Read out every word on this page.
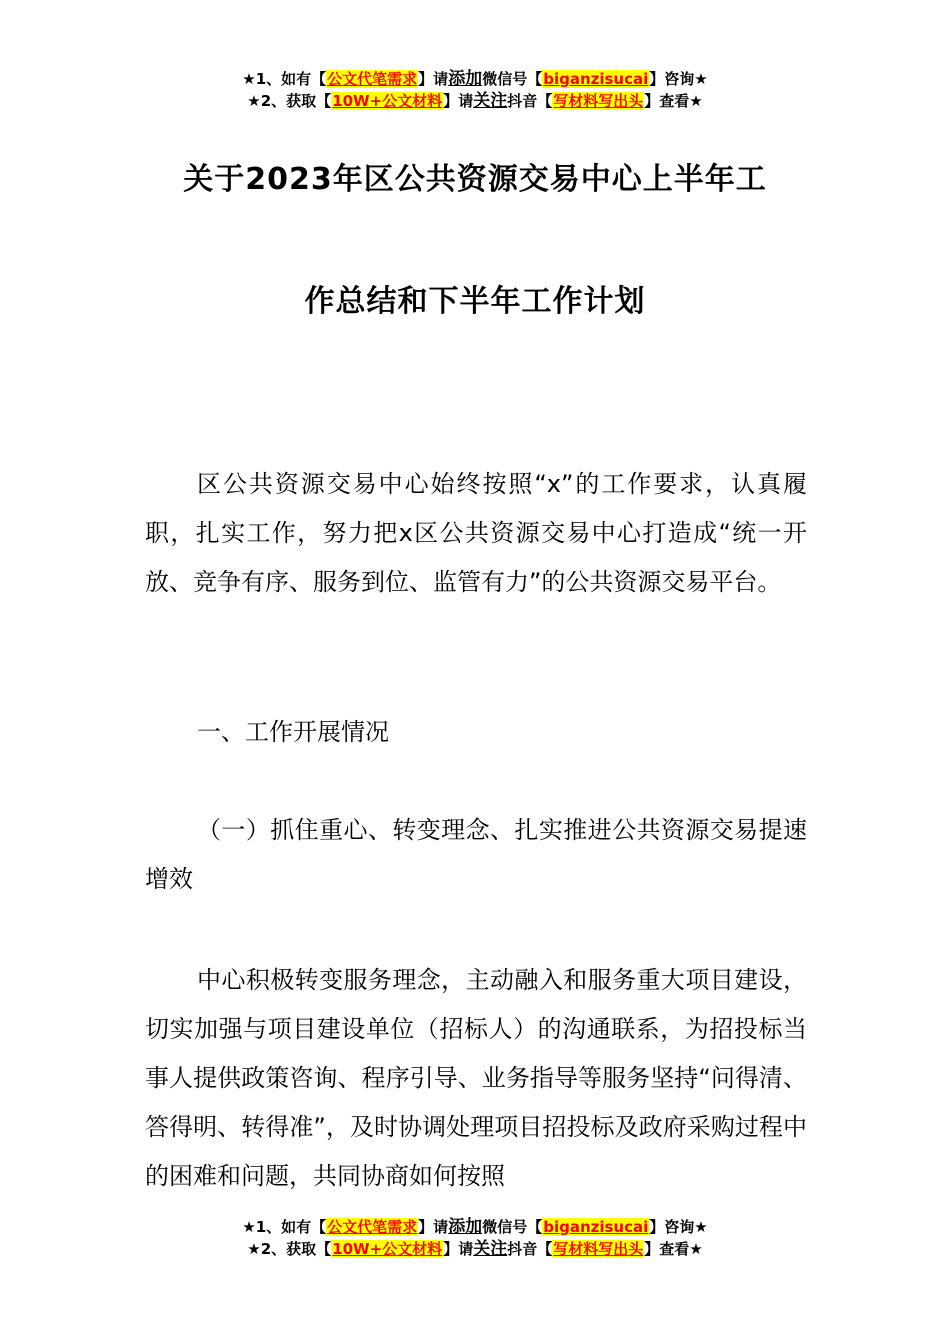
★1、如有【公文代笔需求】请添加微信号【biganzisucai】咨询★
★2、获取【10W+公文材料】请关注抖音【写材料写出头】查看★
关于2023年区公共资源交易中心上半年工
作总结和下半年工作计划
区公共资源交易中心始终按照“x”的工作要求，认真履职，扎实工作，努力把x区公共资源交易中心打造成“统一开放、竞争有序、服务到位、监管有力”的公共资源交易平台。
一、工作开展情况
（一）抓住重心、转变理念、扎实推进公共资源交易提速增效
中心积极转变服务理念，主动融入和服务重大项目建设，切实加强与项目建设单位（招标人）的沟通联系，为招投标当事人提供政策咨询、程序引导、业务指导等服务坚持“问得清、答得明、转得准”，及时协调处理项目招投标及政府采购过程中的困难和问题，共同协商如何按照
★1、如有【公文代笔需求】请添加微信号【biganzisucai】咨询★
★2、获取【10W+公文材料】请关注抖音【写材料写出头】查看★
